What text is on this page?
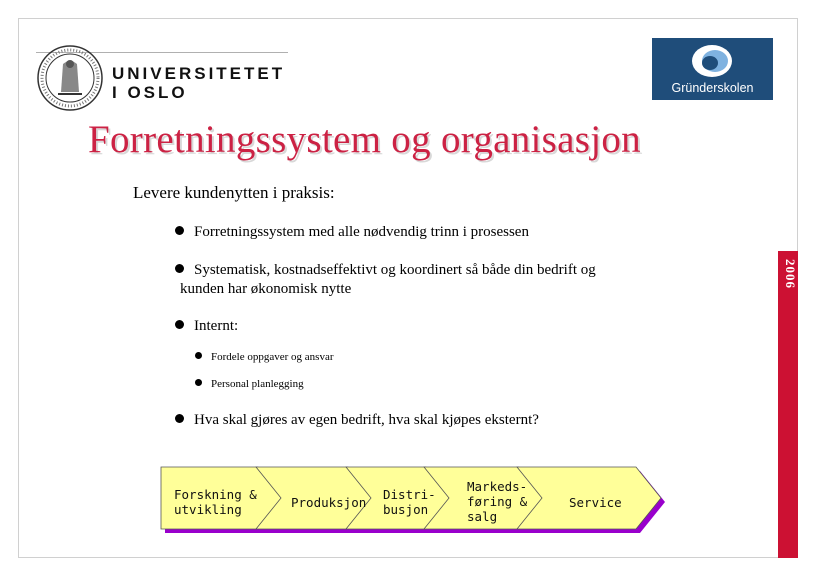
UNIVERSITETET
I OSLO	Gründerskolen
Forretningssystem og organisasjon
Levere kundenytten i praksis:
Forretningssystem med alle nødvendig trinn i prosessen
Systematisk, kostnadseffektivt og koordinert så både din bedrift og
kunden har økonomisk nytte
Internt:
Fordele oppgaver og ansvar
Personal planlegging
Hva skal gjøres av egen bedrift, hva skal kjøpes eksternt?
2006
Forskning &
utvikling	Produksjon
Distri-
busjon
Markeds-
føring &
salg
Service
